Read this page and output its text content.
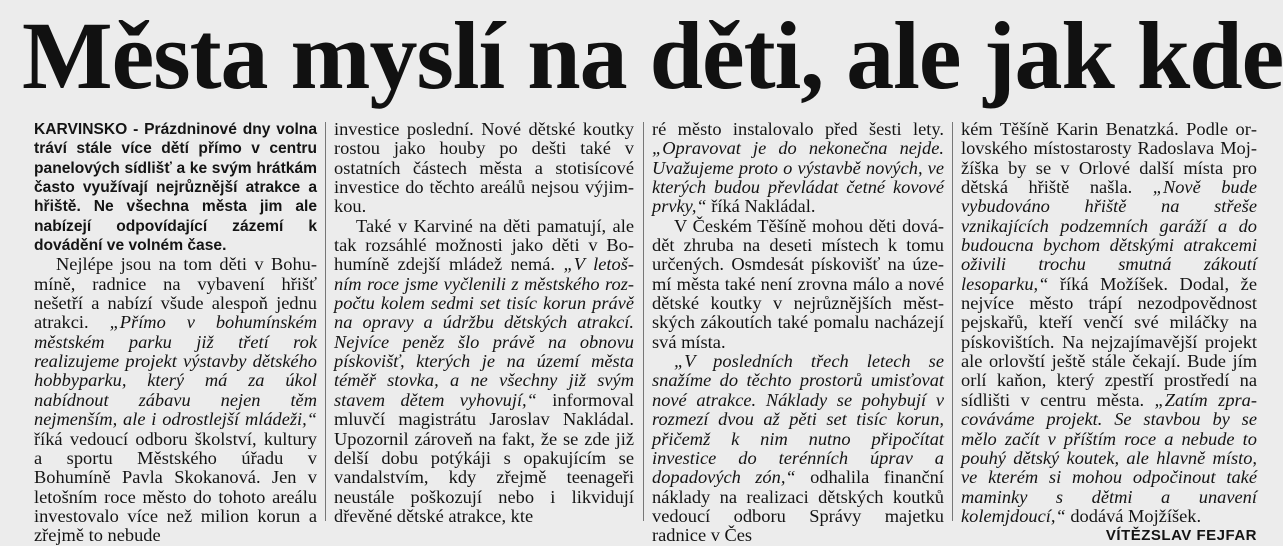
Města myslí na děti, ale jak kde

KARVINSKO - Prázdninové dny volna tráví stále více dětí přímo v centru panelových sídlišť a ke svým hrátkám často využívají nejrůznější atrakce a hřiště. Ne všechna města jim ale nabízejí odpovídající zázemí k dovádění ve volném čase.

Nejlépe jsou na tom děti v Bohumíně, radnice na vybavení hřišť nešetří a nabízí všude alespoň jednu atrakci. „Přímo v bohumínském městském parku již třetí rok realizujeme projekt výstavby dětského hobbyparku, který má za úkol nabídnout zábavu nejen těm nejmenším, ale i odrostlejší mládeži,“ říká vedoucí odboru školství, kultury a sportu Městského úřadu v Bohumíně Pavla Skokanová. Jen v letošním roce město do tohoto areálu investovalo více než milion korun a zřejmě to nebude

investice poslední. Nové dětské koutky rostou jako houby po dešti také v ostatních částech města a stotisícové investice do těchto areálů nejsou výjimkou.

Také v Karviné na děti pamatují, ale tak rozsáhlé možnosti jako děti v Bohumíně zdejší mládež nemá. „V letošním roce jsme vyčlenili z městského rozpočtu kolem sedmi set tisíc korun právě na opravy a údržbu dětských atrakcí. Nejvíce peněz šlo právě na obnovu pískovišť, kterých je na území města téměř stovka, a ne všechny již svým stavem dětem vyhovují,“ informoval mluvčí magistrátu Jaroslav Nakládal. Upozornil zároveň na fakt, že se zde již delší dobu potýkáji s opakujícím se vandalstvím, kdy zřejmě teenageři neustále poškozují nebo i likvidují dřevěné dětské atrakce, kte

ré město instalovalo před šesti lety. „Opravovat je do nekonečna nejde. Uvažujeme proto o výstavbě nových, ve kterých budou převládat četné kovové prvky,“ říká Nakládal.

V Českém Těšíně mohou děti dovádět zhruba na deseti místech k tomu určených. Osmdesát pískovišť na území města také není zrovna málo a nové dětské koutky v nejrůznějších městských zákoutích také pomalu nacházejí svá místa.

„V posledních třech letech se snažíme do těchto prostorů umisťovat nové atrakce. Náklady se pohybují v rozmezí dvou až pěti set tisíc korun, přičemž k nim nutno připočítat investice do terénních úprav a dopadových zón,“ odhalila finanční náklady na realizaci dětských koutků vedoucí odboru Správy majetku radnice v Čes

kém Těšíně Karin Benatzká. Podle orlovského místostarosty Radoslava Mojžíška by se v Orlové další místa pro dětská hřiště našla. „Nově bude vybudováno hřiště na střeše vznikajících podzemních garáží a do budoucna bychom dětskými atrakcemi oživili trochu smutná zákoutí lesoparku,“ říká Možíšek. Dodal, že nejvíce město trápí nezodpovědnost pejskařů, kteří venčí své miláčky na pískovištích. Na nejzajímavější projekt ale orlovští ještě stále čekají. Bude jím orlí kaňon, který zpestří prostředí na sídlišti v centru města. „Zatím zpracováváme projekt. Se stavbou by se mělo začít v příštím roce a nebude to pouhý dětský koutek, ale hlavně místo, ve kterém si mohou odpočinout také maminky s dětmi a unavení kolemjdoucí,“ dodává Mojžíšek.
VÍTĚZSLAV FEJFAR
